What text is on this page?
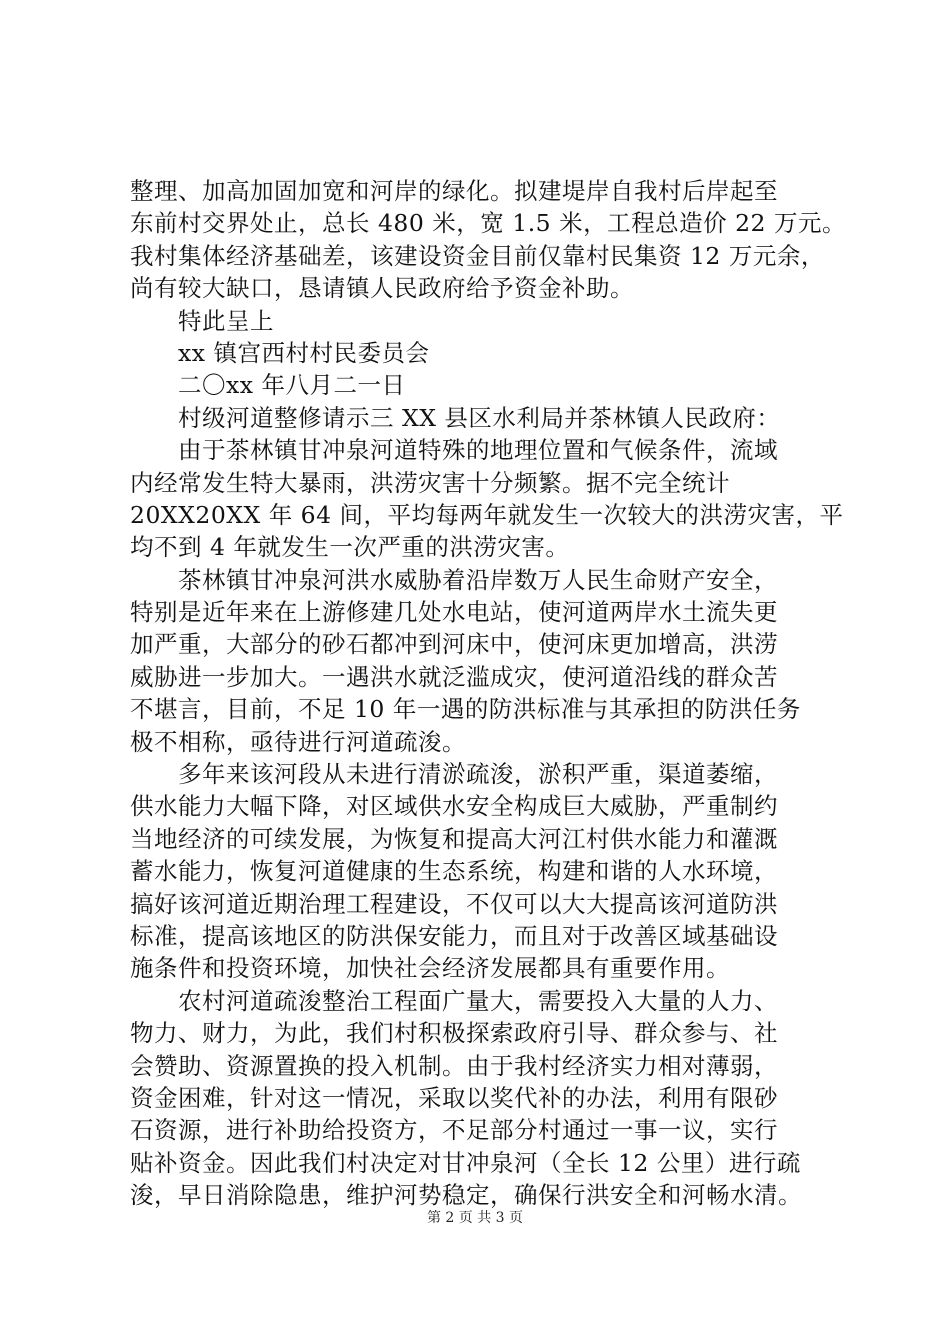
整理、加高加固加宽和河岸的绿化。拟建堤岸自我村后岸起至
东前村交界处止，总长 480 米，宽 1.5 米，工程总造价 22 万元。
我村集体经济基础差，该建设资金目前仅靠村民集资 12 万元余，
尚有较大缺口，恳请镇人民政府给予资金补助。
　　特此呈上
　　xx 镇宫西村村民委员会
　　二〇xx 年八月二一日
　　村级河道整修请示三 XX 县区水利局并茶林镇人民政府：
　　由于茶林镇甘冲泉河道特殊的地理位置和气候条件，流域
内经常发生特大暴雨，洪涝灾害十分频繁。据不完全统计
20XX20XX 年 64 间，平均每两年就发生一次较大的洪涝灾害，平
均不到 4 年就发生一次严重的洪涝灾害。
　　茶林镇甘冲泉河洪水威胁着沿岸数万人民生命财产安全，
特别是近年来在上游修建几处水电站，使河道两岸水土流失更
加严重，大部分的砂石都冲到河床中，使河床更加增高，洪涝
威胁进一步加大。一遇洪水就泛滥成灾，使河道沿线的群众苦
不堪言，目前，不足 10 年一遇的防洪标准与其承担的防洪任务
极不相称，亟待进行河道疏浚。
　　多年来该河段从未进行清淤疏浚，淤积严重，渠道萎缩，
供水能力大幅下降，对区域供水安全构成巨大威胁，严重制约
当地经济的可续发展，为恢复和提高大河江村供水能力和灌溉
蓄水能力，恢复河道健康的生态系统，构建和谐的人水环境，
搞好该河道近期治理工程建设，不仅可以大大提高该河道防洪
标准，提高该地区的防洪保安能力，而且对于改善区域基础设
施条件和投资环境，加快社会经济发展都具有重要作用。
　　农村河道疏浚整治工程面广量大，需要投入大量的人力、
物力、财力，为此，我们村积极探索政府引导、群众参与、社
会赞助、资源置换的投入机制。由于我村经济实力相对薄弱，
资金困难，针对这一情况，采取以奖代补的办法，利用有限砂
石资源，进行补助给投资方，不足部分村通过一事一议，实行
贴补资金。因此我们村决定对甘冲泉河（全长 12 公里）进行疏
浚，早日消除隐患，维护河势稳定，确保行洪安全和河畅水清。
第 2 页 共 3 页
